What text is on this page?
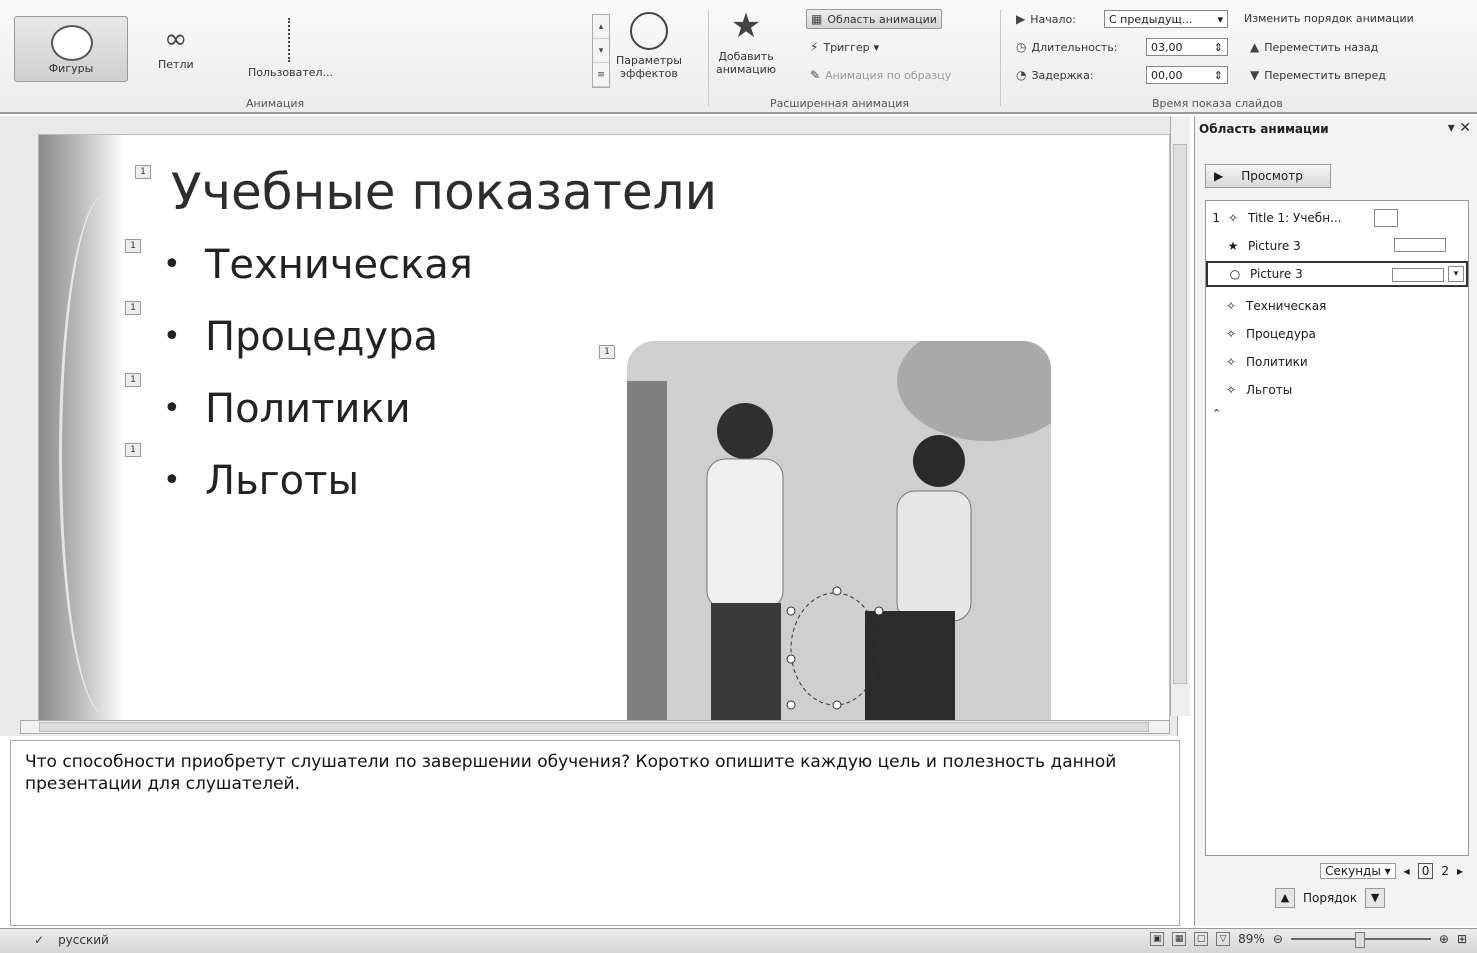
Фигуры
∞
Петли
Пользовател...
Анимация
▴
▾
≡
Параметры
эффектов
★
Добавить
анимацию
▦ Область анимации
⚡ Триггер ▾
✎ Анимация по образцу
Расширенная анимация
▶ Начало:	С предыдущ... ▾
◷ Длительность:	03,00	⇕
◔ Задержка:	00,00	⇕
Изменить порядок анимации
▲ Переместить назад
▼ Переместить вперед
Время показа слайдов
1
1
1
1
1
1
Учебные показатели
• Техническая
• Процедура
• Политики
• Льготы
Что способности приобретут слушатели по завершении обучения? Коротко опишите каждую цель и полезность данной презентации для слушателей.
Область анимации	▾ ✕
▶ Просмотр
1 ✧ Title 1: Учебн...
★ Picture 3
○ Picture 3	▾
✧ Техническая
✧ Процедура
✧ Политики
✧ Льготы
⌃
Секунды ▾	◂	0	2 ▸
▲	Порядок	▼
✓ русский	▣	▦	▢	▽ 89% ⊖	⊕ ⊞
